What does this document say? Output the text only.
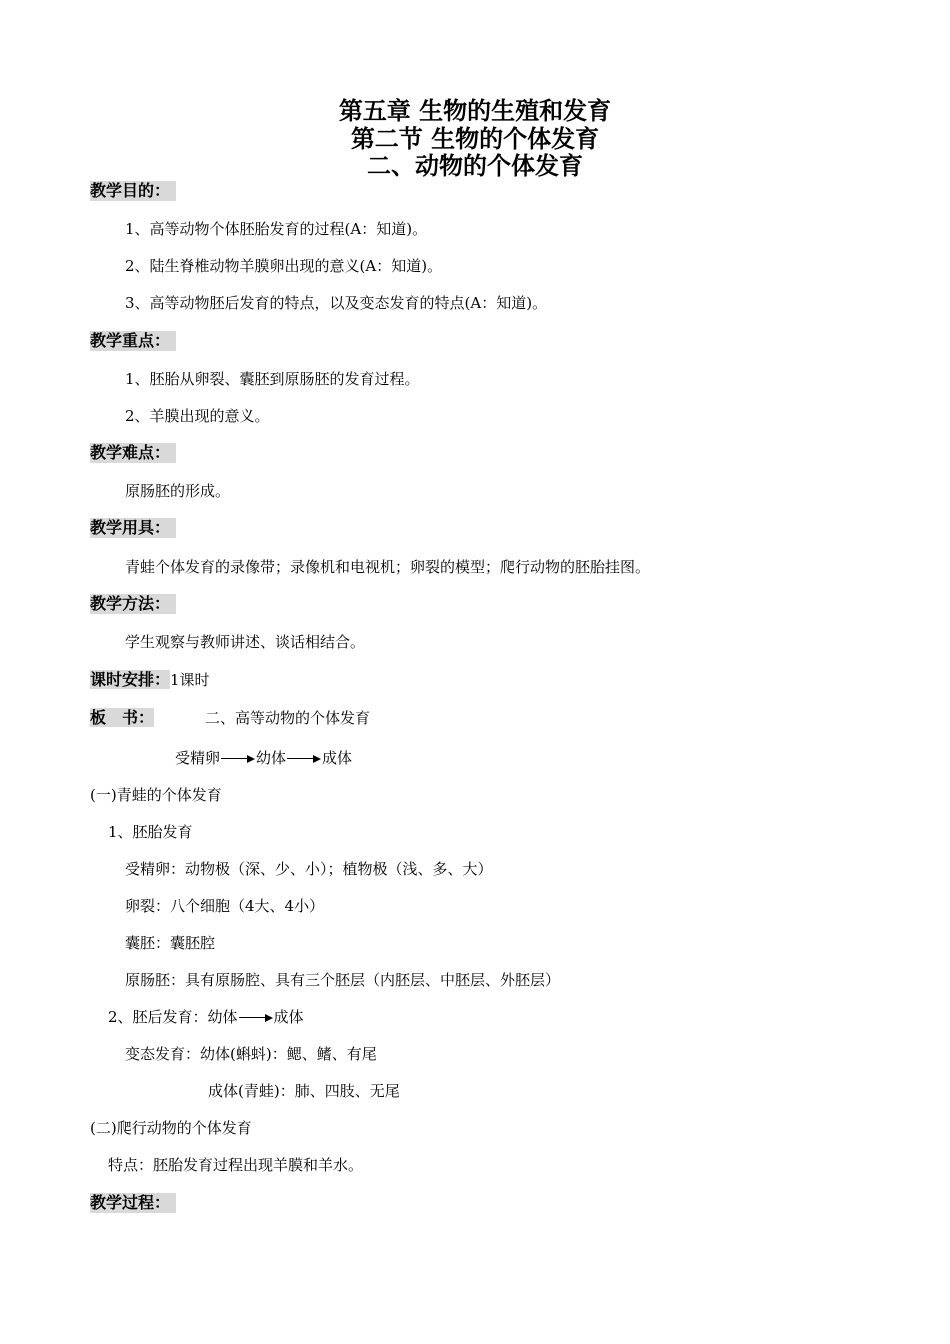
第五章 生物的生殖和发育
第二节 生物的个体发育
二、动物的个体发育
教学目的：
1、高等动物个体胚胎发育的过程(A：知道)。
2、陆生脊椎动物羊膜卵出现的意义(A：知道)。
3、高等动物胚后发育的特点，以及变态发育的特点(A：知道)。
教学重点：
1、胚胎从卵裂、囊胚到原肠胚的发育过程。
2、羊膜出现的意义。
教学难点：
原肠胚的形成。
教学用具：
青蛙个体发育的录像带；录像机和电视机；卵裂的模型；爬行动物的胚胎挂图。
教学方法：
学生观察与教师讲述、谈话相结合。
课时安排：1课时
板　书：	二、高等动物的个体发育
受精卵 幼体 成体
(一)青蛙的个体发育
1、胚胎发育
受精卵：动物极（深、少、小）；植物极（浅、多、大）
卵裂：八个细胞（4大、4小）
囊胚：囊胚腔
原肠胚：具有原肠腔、具有三个胚层（内胚层、中胚层、外胚层）
2、胚后发育：幼体 成体
变态发育：幼体(蝌蚪)：鳃、鳍、有尾
成体(青蛙)：肺、四肢、无尾
(二)爬行动物的个体发育
特点：胚胎发育过程出现羊膜和羊水。
教学过程：
